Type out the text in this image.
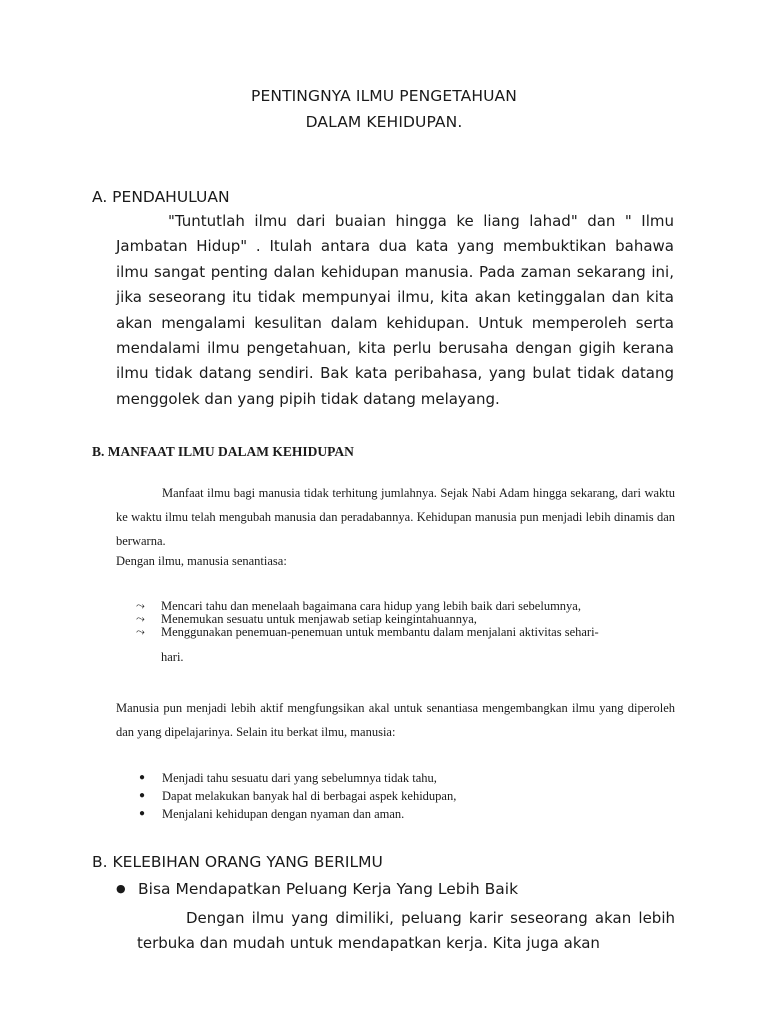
PENTINGNYA ILMU PENGETAHUAN
DALAM KEHIDUPAN.
A. PENDAHULUAN
"Tuntutlah ilmu dari buaian hingga ke liang lahad" dan " Ilmu Jambatan Hidup" . Itulah antara dua kata yang membuktikan bahawa ilmu sangat penting dalan kehidupan manusia. Pada zaman sekarang ini, jika seseorang itu tidak mempunyai ilmu, kita akan ketinggalan dan kita akan mengalami kesulitan dalam kehidupan. Untuk memperoleh serta mendalami ilmu pengetahuan, kita perlu berusaha dengan gigih kerana ilmu tidak datang sendiri. Bak kata peribahasa, yang bulat tidak datang menggolek dan yang pipih tidak datang melayang.
B. MANFAAT ILMU DALAM KEHIDUPAN
Manfaat ilmu bagi manusia tidak terhitung jumlahnya. Sejak Nabi Adam hingga sekarang, dari waktu ke waktu ilmu telah mengubah manusia dan peradabannya. Kehidupan manusia pun menjadi lebih dinamis dan berwarna.
Dengan ilmu, manusia senantiasa:
⤳ Mencari tahu dan menelaah bagaimana cara hidup yang lebih baik dari sebelumnya,
⤳ Menemukan sesuatu untuk menjawab setiap keingintahuannya,
⤳ Menggunakan penemuan-penemuan untuk membantu dalam menjalani aktivitas sehari-
hari.
Manusia pun menjadi lebih aktif mengfungsikan akal untuk senantiasa mengembangkan ilmu yang diperoleh dan yang dipelajarinya. Selain itu berkat ilmu, manusia:
● Menjadi tahu sesuatu dari yang sebelumnya tidak tahu,
● Dapat melakukan banyak hal di berbagai aspek kehidupan,
● Menjalani kehidupan dengan nyaman dan aman.
B. KELEBIHAN ORANG YANG BERILMU
● Bisa Mendapatkan Peluang Kerja Yang Lebih Baik
Dengan ilmu yang dimiliki, peluang karir seseorang akan lebih terbuka dan mudah untuk mendapatkan kerja. Kita juga akan
